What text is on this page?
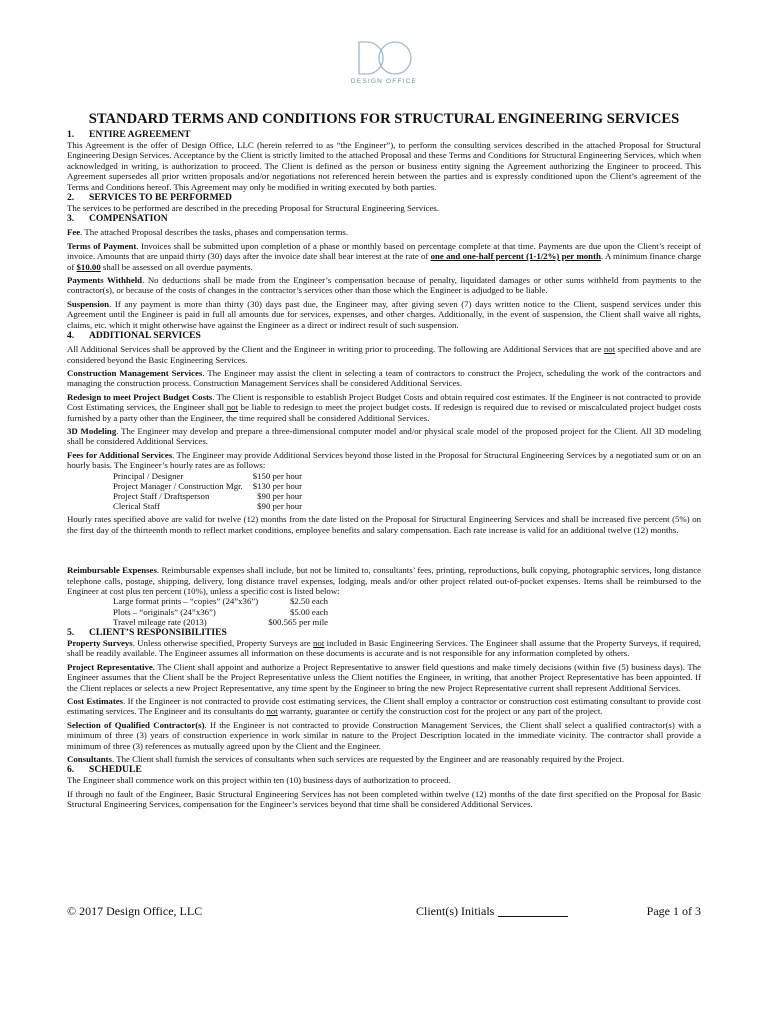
DESIGN OFFICE
STANDARD TERMS AND CONDITIONS FOR STRUCTURAL ENGINEERING SERVICES
1. ENTIRE AGREEMENT

This Agreement is the offer of Design Office, LLC (herein referred to as “the Engineer”), to perform the consulting services described in the attached Proposal for Structural Engineering Design Services. Acceptance by the Client is strictly limited to the attached Proposal and these Terms and Conditions for Structural Engineering Services, which when acknowledged in writing, is authorization to proceed. The Client is defined as the person or business entity signing the Agreement authorizing the Engineer to proceed. This Agreement supersedes all prior written proposals and/or negotiations not referenced herein between the parties and is expressly conditioned upon the Client’s agreement of the Terms and Conditions hereof. This Agreement may only be modified in writing executed by both parties.

2. SERVICES TO BE PERFORMED

The services to be performed are described in the preceding Proposal for Structural Engineering Services.

3. COMPENSATION

Fee. The attached Proposal describes the tasks, phases and compensation terms.

Terms of Payment. Invoices shall be submitted upon completion of a phase or monthly based on percentage complete at that time. Payments are due upon the Client’s receipt of invoice. Amounts that are unpaid thirty (30) days after the invoice date shall bear interest at the rate of one and one-half percent (1-1/2%) per month. A minimum finance charge of $10.00 shall be assessed on all overdue payments.

Payments Withheld. No deductions shall be made from the Engineer’s compensation because of penalty, liquidated damages or other sums withheld from payments to the contractor(s), or because of the costs of changes in the contractor’s services other than those which the Engineer is adjudged to be liable.

Suspension. If any payment is more than thirty (30) days past due, the Engineer may, after giving seven (7) days written notice to the Client, suspend services under this Agreement until the Engineer is paid in full all amounts due for services, expenses, and other charges. Additionally, in the event of suspension, the Client shall waive all rights, claims, etc. which it might otherwise have against the Engineer as a direct or indirect result of such suspension.

4. ADDITIONAL SERVICES

All Additional Services shall be approved by the Client and the Engineer in writing prior to proceeding. The following are Additional Services that are not specified above and are considered beyond the Basic Engineering Services.

Construction Management Services. The Engineer may assist the client in selecting a team of contractors to construct the Project, scheduling the work of the contractors and managing the construction process. Construction Management Services shall be considered Additional Services.

Redesign to meet Project Budget Costs. The Client is responsible to establish Project Budget Costs and obtain required cost estimates. If the Engineer is not contracted to provide Cost Estimating services, the Engineer shall not be liable to redesign to meet the project budget costs. If redesign is required due to revised or miscalculated project budget costs furnished by a party other than the Engineer, the time required shall be considered Additional Services.

3D Modeling. The Engineer may develop and prepare a three-dimensional computer model and/or physical scale model of the proposed project for the Client. All 3D modeling shall be considered Additional Services.

Fees for Additional Services. The Engineer may provide Additional Services beyond those listed in the Proposal for Structural Engineering Services by a negotiated sum or on an hourly basis. The Engineer’s hourly rates are as follows:

Principal / Designer	$150 per hour
Project Manager / Construction Mgr.	$130 per hour
Project Staff / Draftsperson	$90 per hour
Clerical Staff	$90 per hour

Hourly rates specified above are valid for twelve (12) months from the date listed on the Proposal for Structural Engineering Services and shall be increased five percent (5%) on the first day of the thirteenth month to reflect market conditions, employee benefits and salary compensation. Each rate increase is valid for an additional twelve (12) months.

Reimbursable Expenses. Reimbursable expenses shall include, but not be limited to, consultants’ fees, printing, reproductions, bulk copying, photographic services, long distance telephone calls, postage, shipping, delivery, long distance travel expenses, lodging, meals and/or other project related out-of-pocket expenses. Items shall be reimbursed to the Engineer at cost plus ten percent (10%), unless a specific cost is listed below:

Large format prints – “copies” (24”x36”)	$2.50 each
Plots – “originals” (24”x36”)	$5.00 each
Travel mileage rate (2013)	$00.565 per mile
5. CLIENT’S RESPONSIBILITIES

Property Surveys. Unless otherwise specified, Property Surveys are not included in Basic Engineering Services. The Engineer shall assume that the Property Surveys, if required, shall be readily available. The Engineer assumes all information on these documents is accurate and is not responsible for any information completed by others.

Project Representative. The Client shall appoint and authorize a Project Representative to answer field questions and make timely decisions (within five (5) business days). The Engineer assumes that the Client shall be the Project Representative unless the Client notifies the Engineer, in writing, that another Project Representative has been appointed. If the Client replaces or selects a new Project Representative, any time spent by the Engineer to bring the new Project Representative current shall represent Additional Services.

Cost Estimates. If the Engineer is not contracted to provide cost estimating services, the Client shall employ a contractor or construction cost estimating consultant to provide cost estimating services. The Engineer and its consultants do not warranty, guarantee or certify the construction cost for the project or any part of the project.

Selection of Qualified Contractor(s). If the Engineer is not contracted to provide Construction Management Services, the Client shall select a qualified contractor(s) with a minimum of three (3) years of construction experience in work similar in nature to the Project Description located in the immediate vicinity. The contractor shall provide a minimum of three (3) references as mutually agreed upon by the Client and the Engineer.

Consultants. The Client shall furnish the services of consultants when such services are requested by the Engineer and are reasonably required by the Project.

6. SCHEDULE

The Engineer shall commence work on this project within ten (10) business days of authorization to proceed.

If through no fault of the Engineer, Basic Structural Engineering Services has not been completed within twelve (12) months of the date first specified on the Proposal for Basic Structural Engineering Services, compensation for the Engineer’s services beyond that time shall be considered Additional Services.

© 2017 Design Office, LLC	Client(s) Initials	Page 1 of 3
